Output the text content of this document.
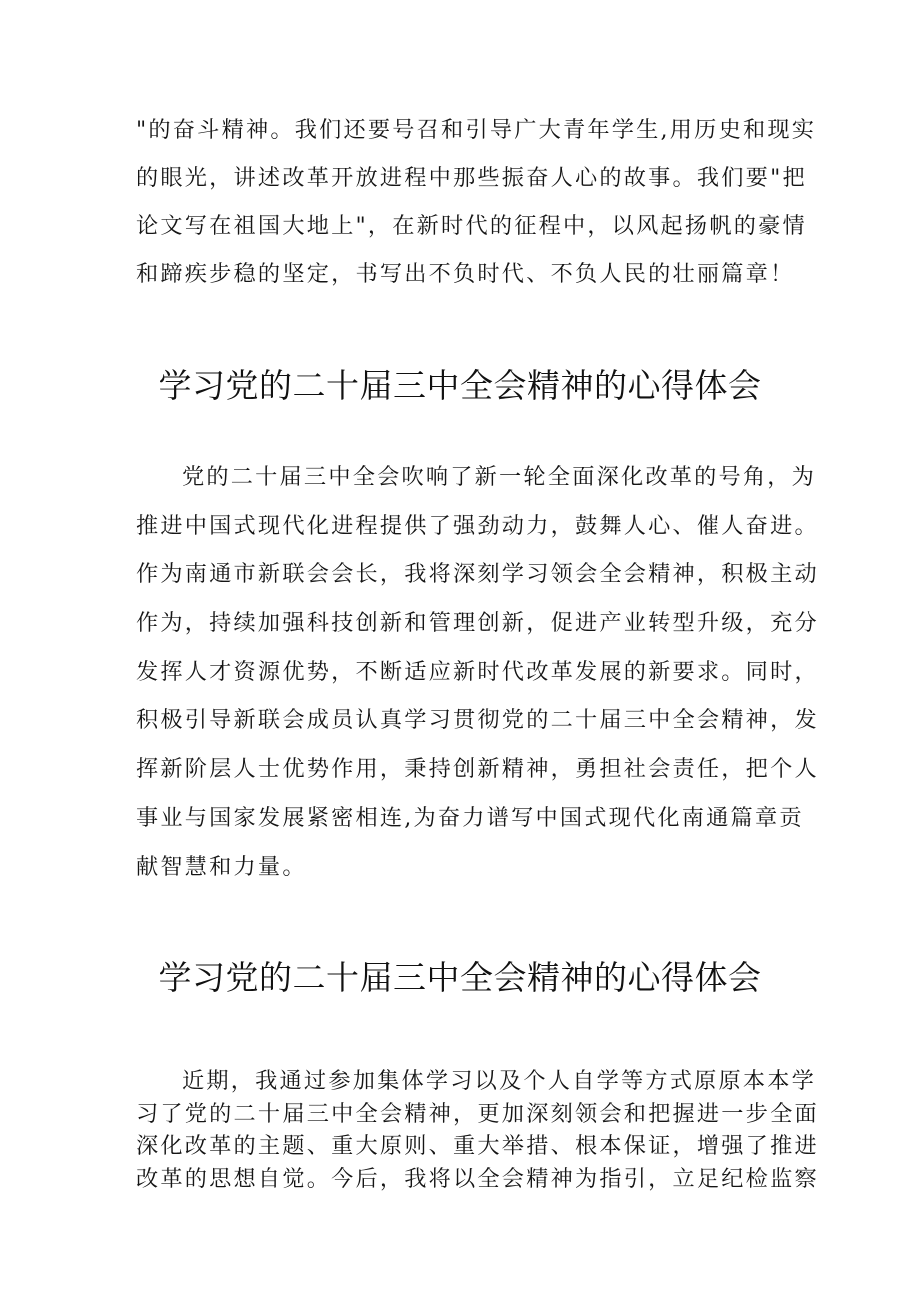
"的奋斗精神。我们还要号召和引导广大青年学生,用历史和现实
的眼光，讲述改革开放进程中那些振奋人心的故事。我们要"把
论文写在祖国大地上"，在新时代的征程中，以风起扬帆的豪情
和蹄疾步稳的坚定，书写出不负时代、不负人民的壮丽篇章！

学习党的二十届三中全会精神的心得体会

党的二十届三中全会吹响了新一轮全面深化改革的号角，为
推进中国式现代化进程提供了强劲动力，鼓舞人心、催人奋进。
作为南通市新联会会长，我将深刻学习领会全会精神，积极主动
作为，持续加强科技创新和管理创新，促进产业转型升级，充分
发挥人才资源优势，不断适应新时代改革发展的新要求。同时，
积极引导新联会成员认真学习贯彻党的二十届三中全会精神，发
挥新阶层人士优势作用，秉持创新精神，勇担社会责任，把个人
事业与国家发展紧密相连,为奋力谱写中国式现代化南通篇章贡
献智慧和力量。

学习党的二十届三中全会精神的心得体会

近期，我通过参加集体学习以及个人自学等方式原原本本学
习了党的二十届三中全会精神，更加深刻领会和把握进一步全面
深化改革的主题、重大原则、重大举措、根本保证，增强了推进
改革的思想自觉。今后，我将以全会精神为指引，立足纪检监察
